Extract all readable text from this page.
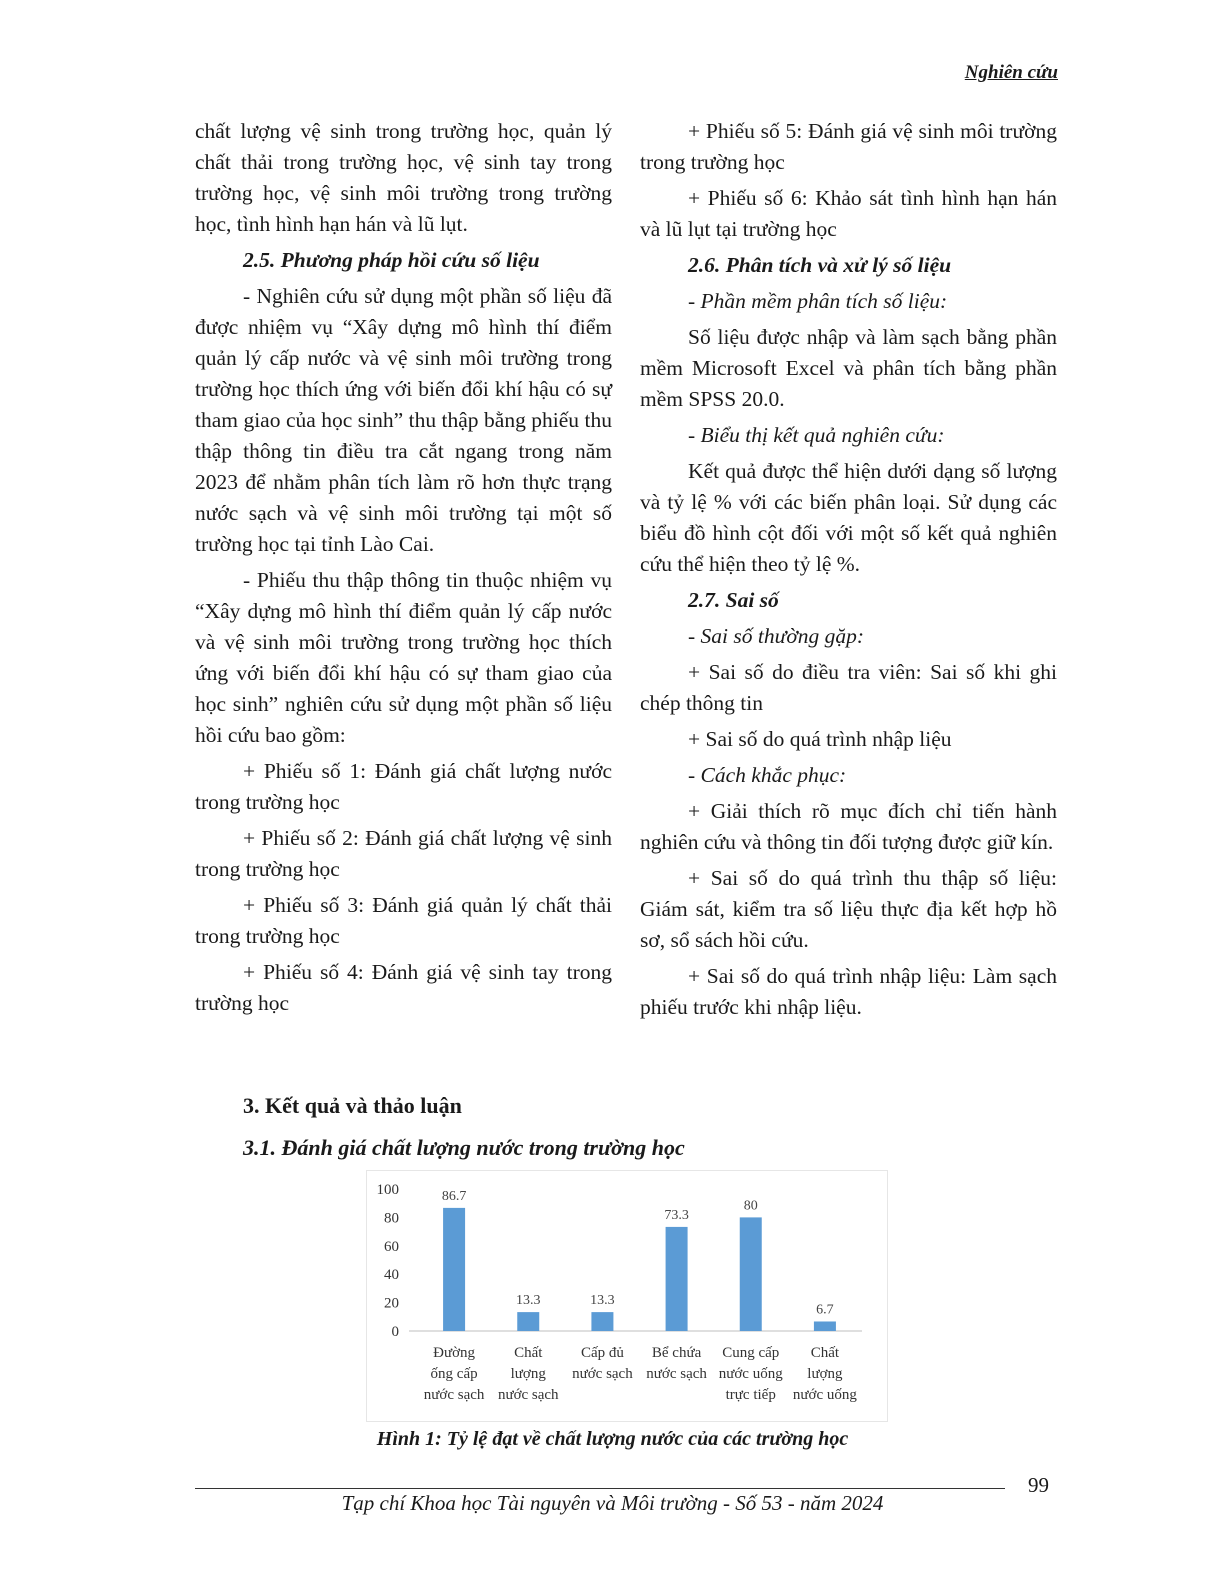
Nghiên cứu

chất lượng vệ sinh trong trường học, quản lý chất thải trong trường học, vệ sinh tay trong trường học, vệ sinh môi trường trong trường học, tình hình hạn hán và lũ lụt.

2.5. Phương pháp hồi cứu số liệu

- Nghiên cứu sử dụng một phần số liệu đã được nhiệm vụ “Xây dựng mô hình thí điểm quản lý cấp nước và vệ sinh môi trường trong trường học thích ứng với biến đổi khí hậu có sự tham giao của học sinh” thu thập bằng phiếu thu thập thông tin điều tra cắt ngang trong năm 2023 để nhằm phân tích làm rõ hơn thực trạng nước sạch và vệ sinh môi trường tại một số trường học tại tỉnh Lào Cai.

- Phiếu thu thập thông tin thuộc nhiệm vụ “Xây dựng mô hình thí điểm quản lý cấp nước và vệ sinh môi trường trong trường học thích ứng với biến đổi khí hậu có sự tham giao của học sinh” nghiên cứu sử dụng một phần số liệu hồi cứu bao gồm:

+ Phiếu số 1: Đánh giá chất lượng nước trong trường học

+ Phiếu số 2: Đánh giá chất lượng vệ sinh trong trường học

+ Phiếu số 3: Đánh giá quản lý chất thải trong trường học

+ Phiếu số 4: Đánh giá vệ sinh tay trong trường học

+ Phiếu số 5: Đánh giá vệ sinh môi trường trong trường học

+ Phiếu số 6: Khảo sát tình hình hạn hán và lũ lụt tại trường học

2.6. Phân tích và xử lý số liệu

- Phần mềm phân tích số liệu:

Số liệu được nhập và làm sạch bằng phần mềm Microsoft Excel và phân tích bằng phần mềm SPSS 20.0.

- Biểu thị kết quả nghiên cứu:

Kết quả được thể hiện dưới dạng số lượng và tỷ lệ % với các biến phân loại. Sử dụng các biểu đồ hình cột đối với một số kết quả nghiên cứu thể hiện theo tỷ lệ %.

2.7. Sai số

- Sai số thường gặp:

+ Sai số do điều tra viên: Sai số khi ghi chép thông tin

+ Sai số do quá trình nhập liệu

- Cách khắc phục:

+ Giải thích rõ mục đích chỉ tiến hành nghiên cứu và thông tin đối tượng được giữ kín.

+ Sai số do quá trình thu thập số liệu: Giám sát, kiểm tra số liệu thực địa kết hợp hồ sơ, sổ sách hồi cứu.

+ Sai số do quá trình nhập liệu: Làm sạch phiếu trước khi nhập liệu.

3. Kết quả và thảo luận
3.1. Đánh giá chất lượng nước trong trường học
0
20
40
60
80
100	86.7
Đường
ống cấp
nước sạch
13.3
Chất
lượng
nước sạch
13.3
Cấp đủ
nước sạch
73.3
Bể chứa
nước sạch
80
Cung cấp
nước uống
trực tiếp
6.7
Chất
lượng
nước uống
Hình 1: Tỷ lệ đạt về chất lượng nước của các trường học
99
Tạp chí Khoa học Tài nguyên và Môi trường - Số 53 - năm 2024
